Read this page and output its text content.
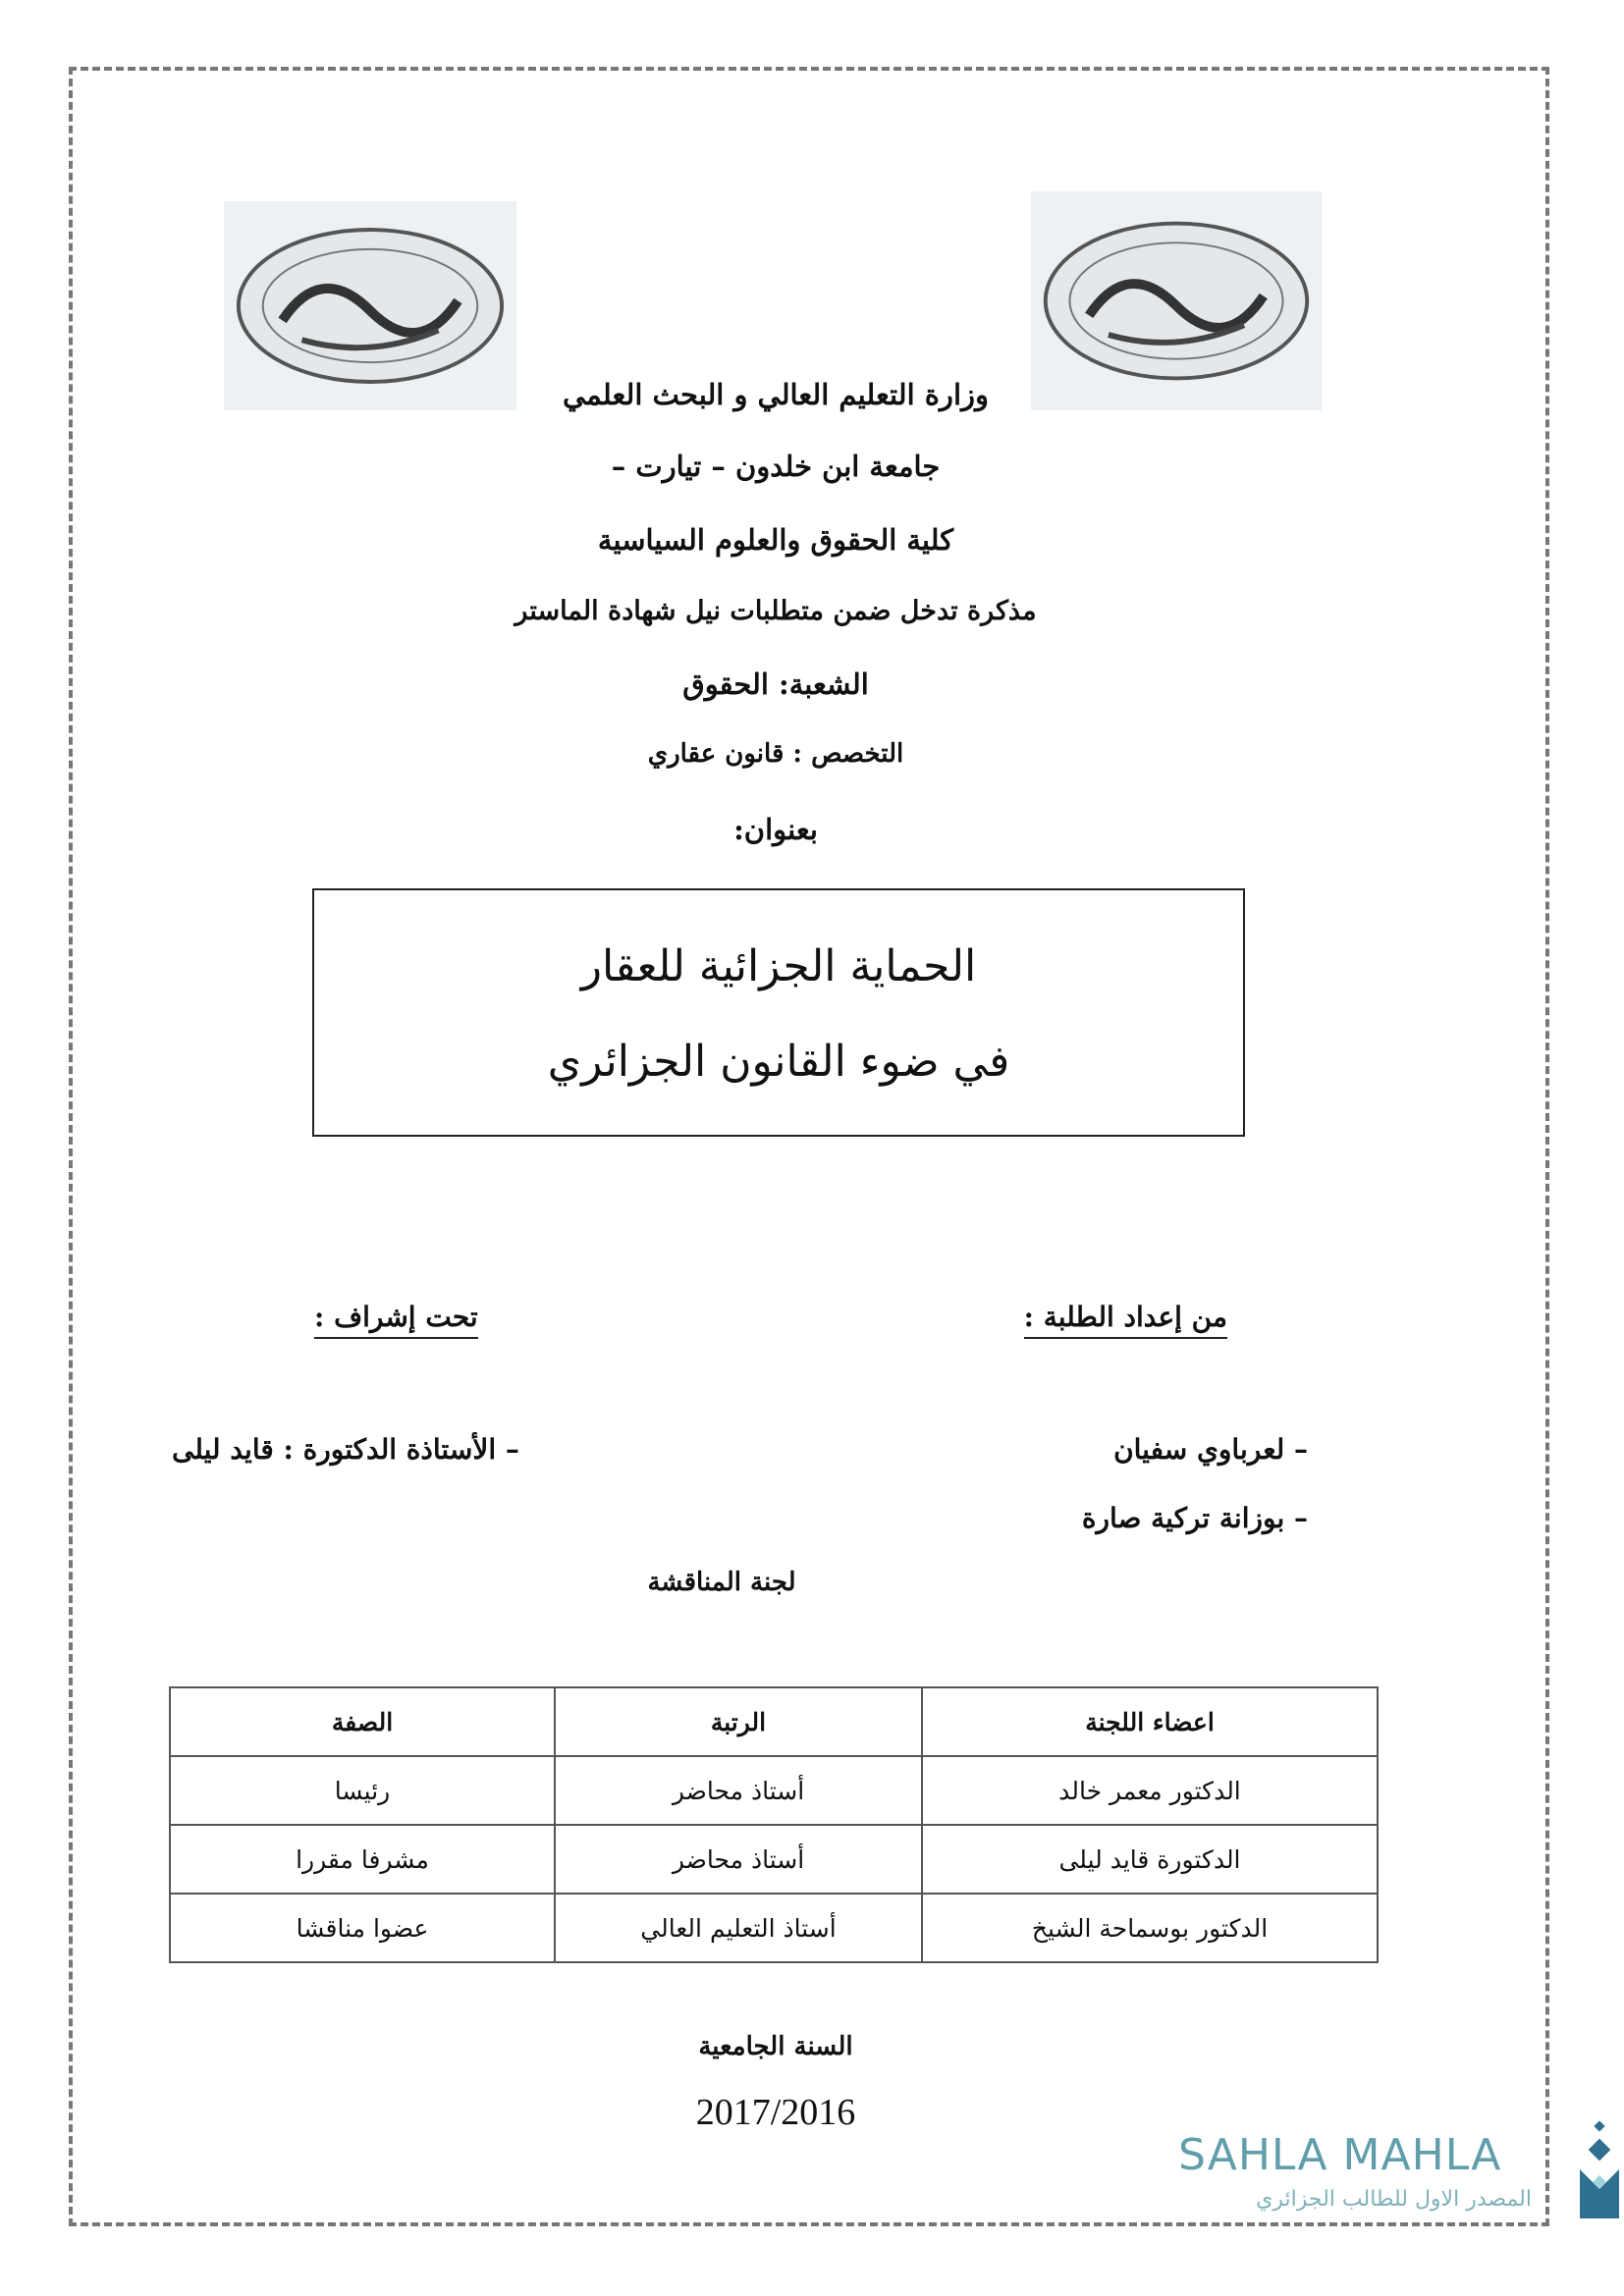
وزارة التعليم العالي و البحث العلمي
جامعة ابن خلدون – تيارت –
كلية الحقوق والعلوم السياسية
مذكرة تدخل ضمن متطلبات نيل شهادة الماستر
الشعبة: الحقوق
التخصص : قانون عقاري
بعنوان:
الحماية الجزائية للعقار
في ضوء القانون الجزائري
من إعداد الطلبة :
تحت إشراف :
– لعرباوي سفيان
– بوزانة تركية صارة
– الأستاذة الدكتورة : قايد ليلى
لجنة المناقشة
اعضاء اللجنة	الرتبة	الصفة
الدكتور معمر خالد	أستاذ محاضر	رئيسا
الدكتورة قايد ليلى	أستاذ محاضر	مشرفا مقررا
الدكتور بوسماحة الشيخ	أستاذ التعليم العالي	عضوا مناقشا
السنة الجامعية
2017/2016
SAHLA MAHLA
المصدر الاول للطالب الجزائري
